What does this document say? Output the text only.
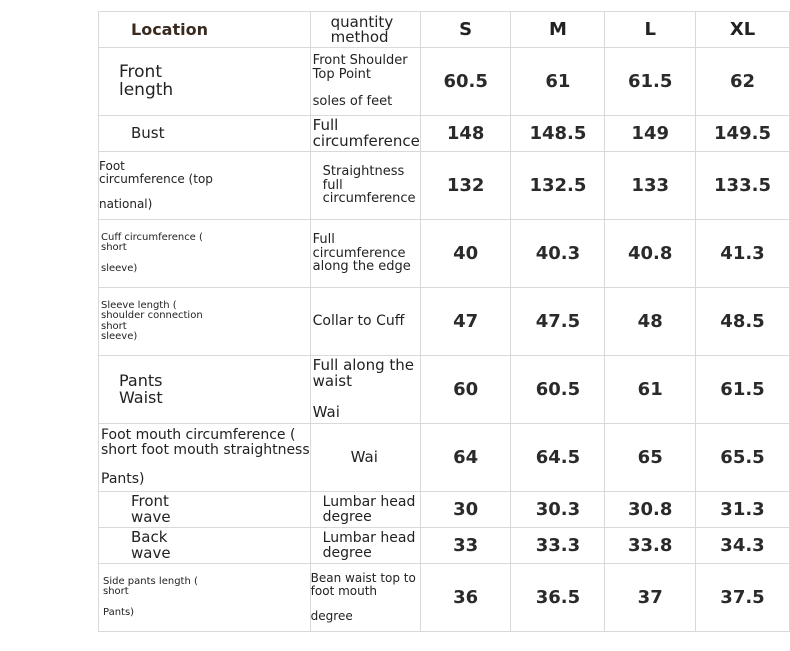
Location	quantity
method	S	M	L	XL

Front
length	Front Shoulder
Top Point

soles of feet	60.5	61	61.5	62

Bust	Full
circumference	148	148.5	149	149.5

Foot
circumference (top

national)	Straightness
full
circumference	132	132.5	133	133.5

Cuff circumference (
short

sleeve)	Full circumference
along the edge	40	40.3	40.8	41.3

Sleeve length (
shoulder connection
short
sleeve)	Collar to Cuff	47	47.5	48	48.5

Pants
Waist	Full along the
waist

Wai	60	60.5	61	61.5

Foot mouth circumference (
short foot mouth straightness

Pants)	Wai	64	64.5	65	65.5

Front
wave	Lumbar head
degree	30	30.3	30.8	31.3

Back
wave	Lumbar head
degree	33	33.3	33.8	34.3

Side pants length (
short

Pants)	Bean waist top to
foot mouth

degree	36	36.5	37	37.5
